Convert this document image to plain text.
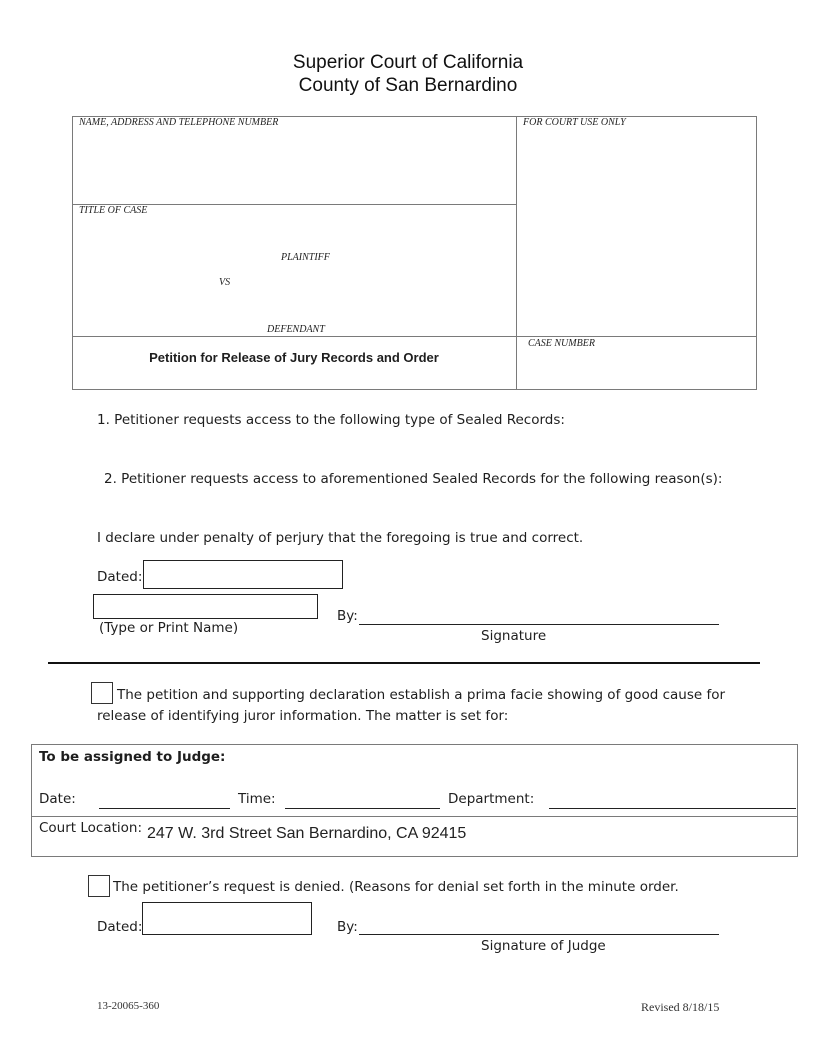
Superior Court of California
County of San Bernardino
NAME, ADDRESS AND TELEPHONE NUMBER	FOR COURT USE ONLY
TITLE OF CASE
PLAINTIFF
VS
DEFENDANT
Petition for Release of Jury Records and Order
CASE NUMBER
1. Petitioner requests access to the following type of Sealed Records:
2. Petitioner requests access to aforementioned Sealed Records for the following reason(s):
I declare under penalty of perjury that the foregoing is true and correct.
Dated:
(Type or Print Name)
By:
Signature
The petition and supporting declaration establish a prima facie showing of good cause for
release of identifying juror information. The matter is set for:
To be assigned to Judge:
Date:	Time:	Department:
Court Location: 247 W. 3rd Street San Bernardino, CA 92415
The petitioner’s request is denied. (Reasons for denial set forth in the minute order.
Dated:	By:
Signature of Judge
13-20065-360	Revised 8/18/15
